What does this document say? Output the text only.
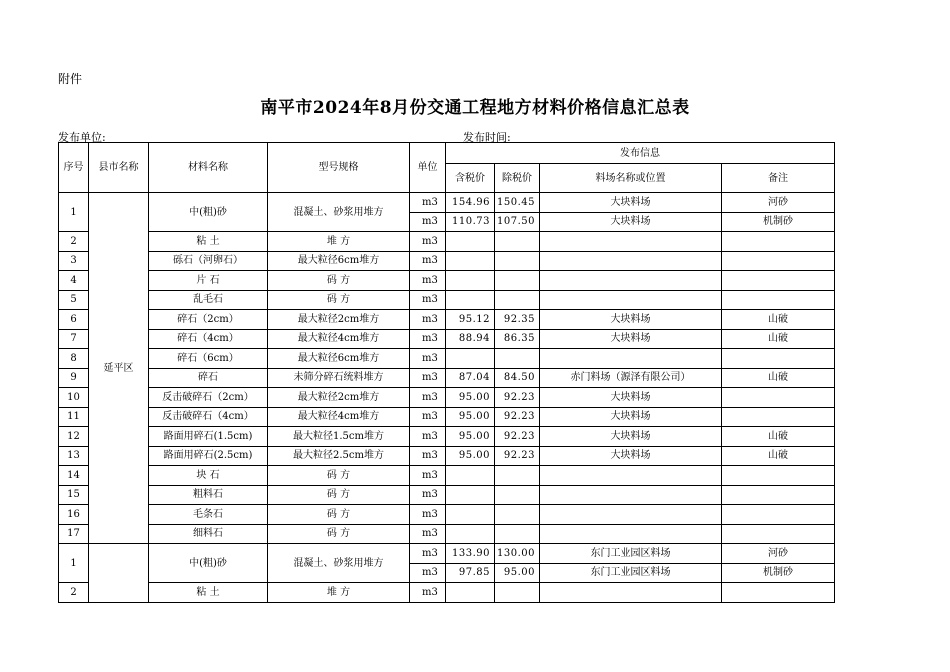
附件
南平市2024年8月份交通工程地方材料价格信息汇总表
发布单位:	发布时间:
序号	县市名称	材料名称	型号规格	单位	发布信息			
					含税价	除税价	料场名称或位置	备注
1	延平区	中(粗)砂	混凝土、砂浆用堆方	m3	154.96	150.45	大块料场	河砂
				m3	110.73	107.50	大块料场	机制砂
2		粘 土	堆 方	m3				
3		砾石（河卵石）	最大粒径6cm堆方	m3				
4		片 石	码 方	m3				
5		乱毛石	码 方	m3				
6		碎石（2cm）	最大粒径2cm堆方	m3	95.12	92.35	大块料场	山破
7		碎石（4cm）	最大粒径4cm堆方	m3	88.94	86.35	大块料场	山破
8		碎石（6cm）	最大粒径6cm堆方	m3				
9		碎石	未筛分碎石统料堆方	m3	87.04	84.50	赤门料场（源泽有限公司）	山破
10		反击破碎石（2cm）	最大粒径2cm堆方	m3	95.00	92.23	大块料场	
11		反击破碎石（4cm）	最大粒径4cm堆方	m3	95.00	92.23	大块料场	
12		路面用碎石(1.5cm)	最大粒径1.5cm堆方	m3	95.00	92.23	大块料场	山破
13		路面用碎石(2.5cm)	最大粒径2.5cm堆方	m3	95.00	92.23	大块料场	山破
14		块 石	码 方	m3				
15		粗料石	码 方	m3				
16		毛条石	码 方	m3				
17		细料石	码 方	m3				
1		中(粗)砂	混凝土、砂浆用堆方	m3	133.90	130.00	东门工业园区料场	河砂
				m3	97.85	95.00	东门工业园区料场	机制砂
2		粘 土	堆 方	m3				
